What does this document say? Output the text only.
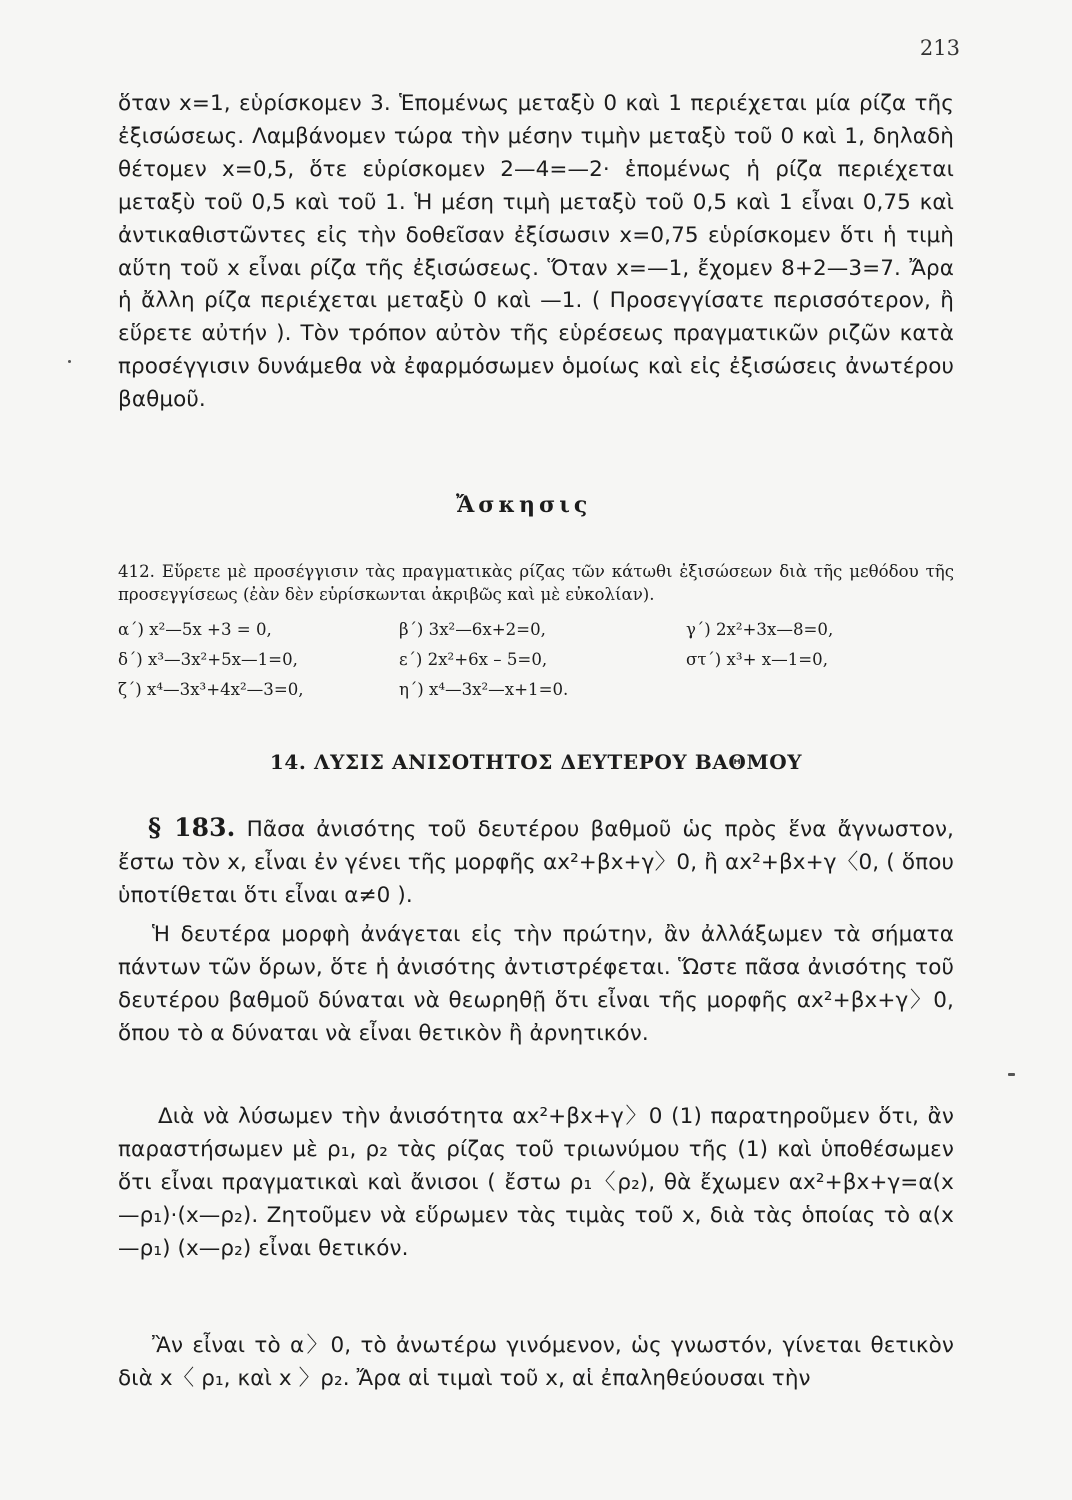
213

ὅταν x=1, εὑρίσκομεν 3. Ἑπομένως μεταξὺ 0 καὶ 1 περιέχεται μία ρίζα τῆς ἐξισώσεως. Λαμβάνομεν τώρα τὴν μέσην τιμὴν μεταξὺ τοῦ 0 καὶ 1, δηλαδὴ θέτομεν x=0,5, ὅτε εὑρίσκομεν 2—4=—2· ἑπομένως ἡ ρίζα περιέχεται μεταξὺ τοῦ 0,5 καὶ τοῦ 1. Ἡ μέση τιμὴ μεταξὺ τοῦ 0,5 καὶ 1 εἶναι 0,75 καὶ ἀντικαθιστῶντες εἰς τὴν δοθεῖσαν ἐξίσωσιν x=0,75 εὑρίσκομεν ὅτι ἡ τιμὴ αὕτη τοῦ x εἶναι ρίζα τῆς ἐξισώσεως. Ὅταν x=—1, ἔχομεν 8+2—3=7. Ἄρα ἡ ἄλλη ρίζα περιέχεται μεταξὺ 0 καὶ —1. ( Προσεγγίσατε περισσότερον, ἢ εὕρετε αὐτήν ). Τὸν τρόπον αὐτὸν τῆς εὑρέσεως πραγματικῶν ριζῶν κατὰ προσέγγισιν δυνάμεθα νὰ ἐφαρμόσωμεν ὁμοίως καὶ εἰς ἐξισώσεις ἀνωτέρου βαθμοῦ.

Ἄσκησις

412. Εὕρετε μὲ προσέγγισιν τὰς πραγματικὰς ρίζας τῶν κάτωθι ἐξισώσεων διὰ τῆς μεθόδου τῆς προσεγγίσεως (ἐὰν δὲν εὑρίσκωνται ἀκριβῶς καὶ μὲ εὐκολίαν).

α΄) x²—5x +3 = 0,	β΄) 3x²—6x+2=0,	γ΄) 2x²+3x—8=0,
δ΄) x³—3x²+5x—1=0,	ε΄) 2x²+6x – 5=0,	στ΄) x³+ x—1=0,
ζ΄) x⁴—3x³+4x²—3=0,	η΄) x⁴—3x²—x+1=0.
14. ΛΥΣΙΣ ΑΝΙΣΟΤΗΤΟΣ ΔΕΥΤΕΡΟΥ ΒΑΘΜΟΥ

§ 183. Πᾶσα ἀνισότης τοῦ δευτέρου βαθμοῦ ὡς πρὸς ἕνα ἄγνωστον, ἔστω τὸν x, εἶναι ἐν γένει τῆς μορφῆς αx²+βx+γ〉0, ἢ αx²+βx+γ〈0, ( ὅπου ὑποτίθεται ὅτι εἶναι α≠0 ).

Ἡ δευτέρα μορφὴ ἀνάγεται εἰς τὴν πρώτην, ἂν ἀλλάξωμεν τὰ σήματα πάντων τῶν ὅρων, ὅτε ἡ ἀνισότης ἀντιστρέφεται. Ὥστε πᾶσα ἀνισότης τοῦ δευτέρου βαθμοῦ δύναται νὰ θεωρηθῇ ὅτι εἶναι τῆς μορφῆς αx²+βx+γ〉0, ὅπου τὸ α δύναται νὰ εἶναι θετικὸν ἢ ἀρνητικόν.

Διὰ νὰ λύσωμεν τὴν ἀνισότητα αx²+βx+γ〉0 (1) παρατηροῦμεν ὅτι, ἂν παραστήσωμεν μὲ ρ₁, ρ₂ τὰς ρίζας τοῦ τριωνύμου τῆς (1) καὶ ὑποθέσωμεν ὅτι εἶναι πραγματικαὶ καὶ ἄνισοι ( ἔστω ρ₁〈ρ₂), θὰ ἔχωμεν αx²+βx+γ=α(x—ρ₁)·(x—ρ₂). Ζητοῦμεν νὰ εὕρωμεν τὰς τιμὰς τοῦ x, διὰ τὰς ὁποίας τὸ α(x—ρ₁) (x—ρ₂) εἶναι θετικόν.

Ἂν εἶναι τὸ α〉0, τὸ ἀνωτέρω γινόμενον, ὡς γνωστόν, γίνεται θετικὸν διὰ x〈 ρ₁, καὶ x 〉ρ₂. Ἄρα αἱ τιμαὶ τοῦ x, αἱ ἐπαληθεύουσαι τὴν
